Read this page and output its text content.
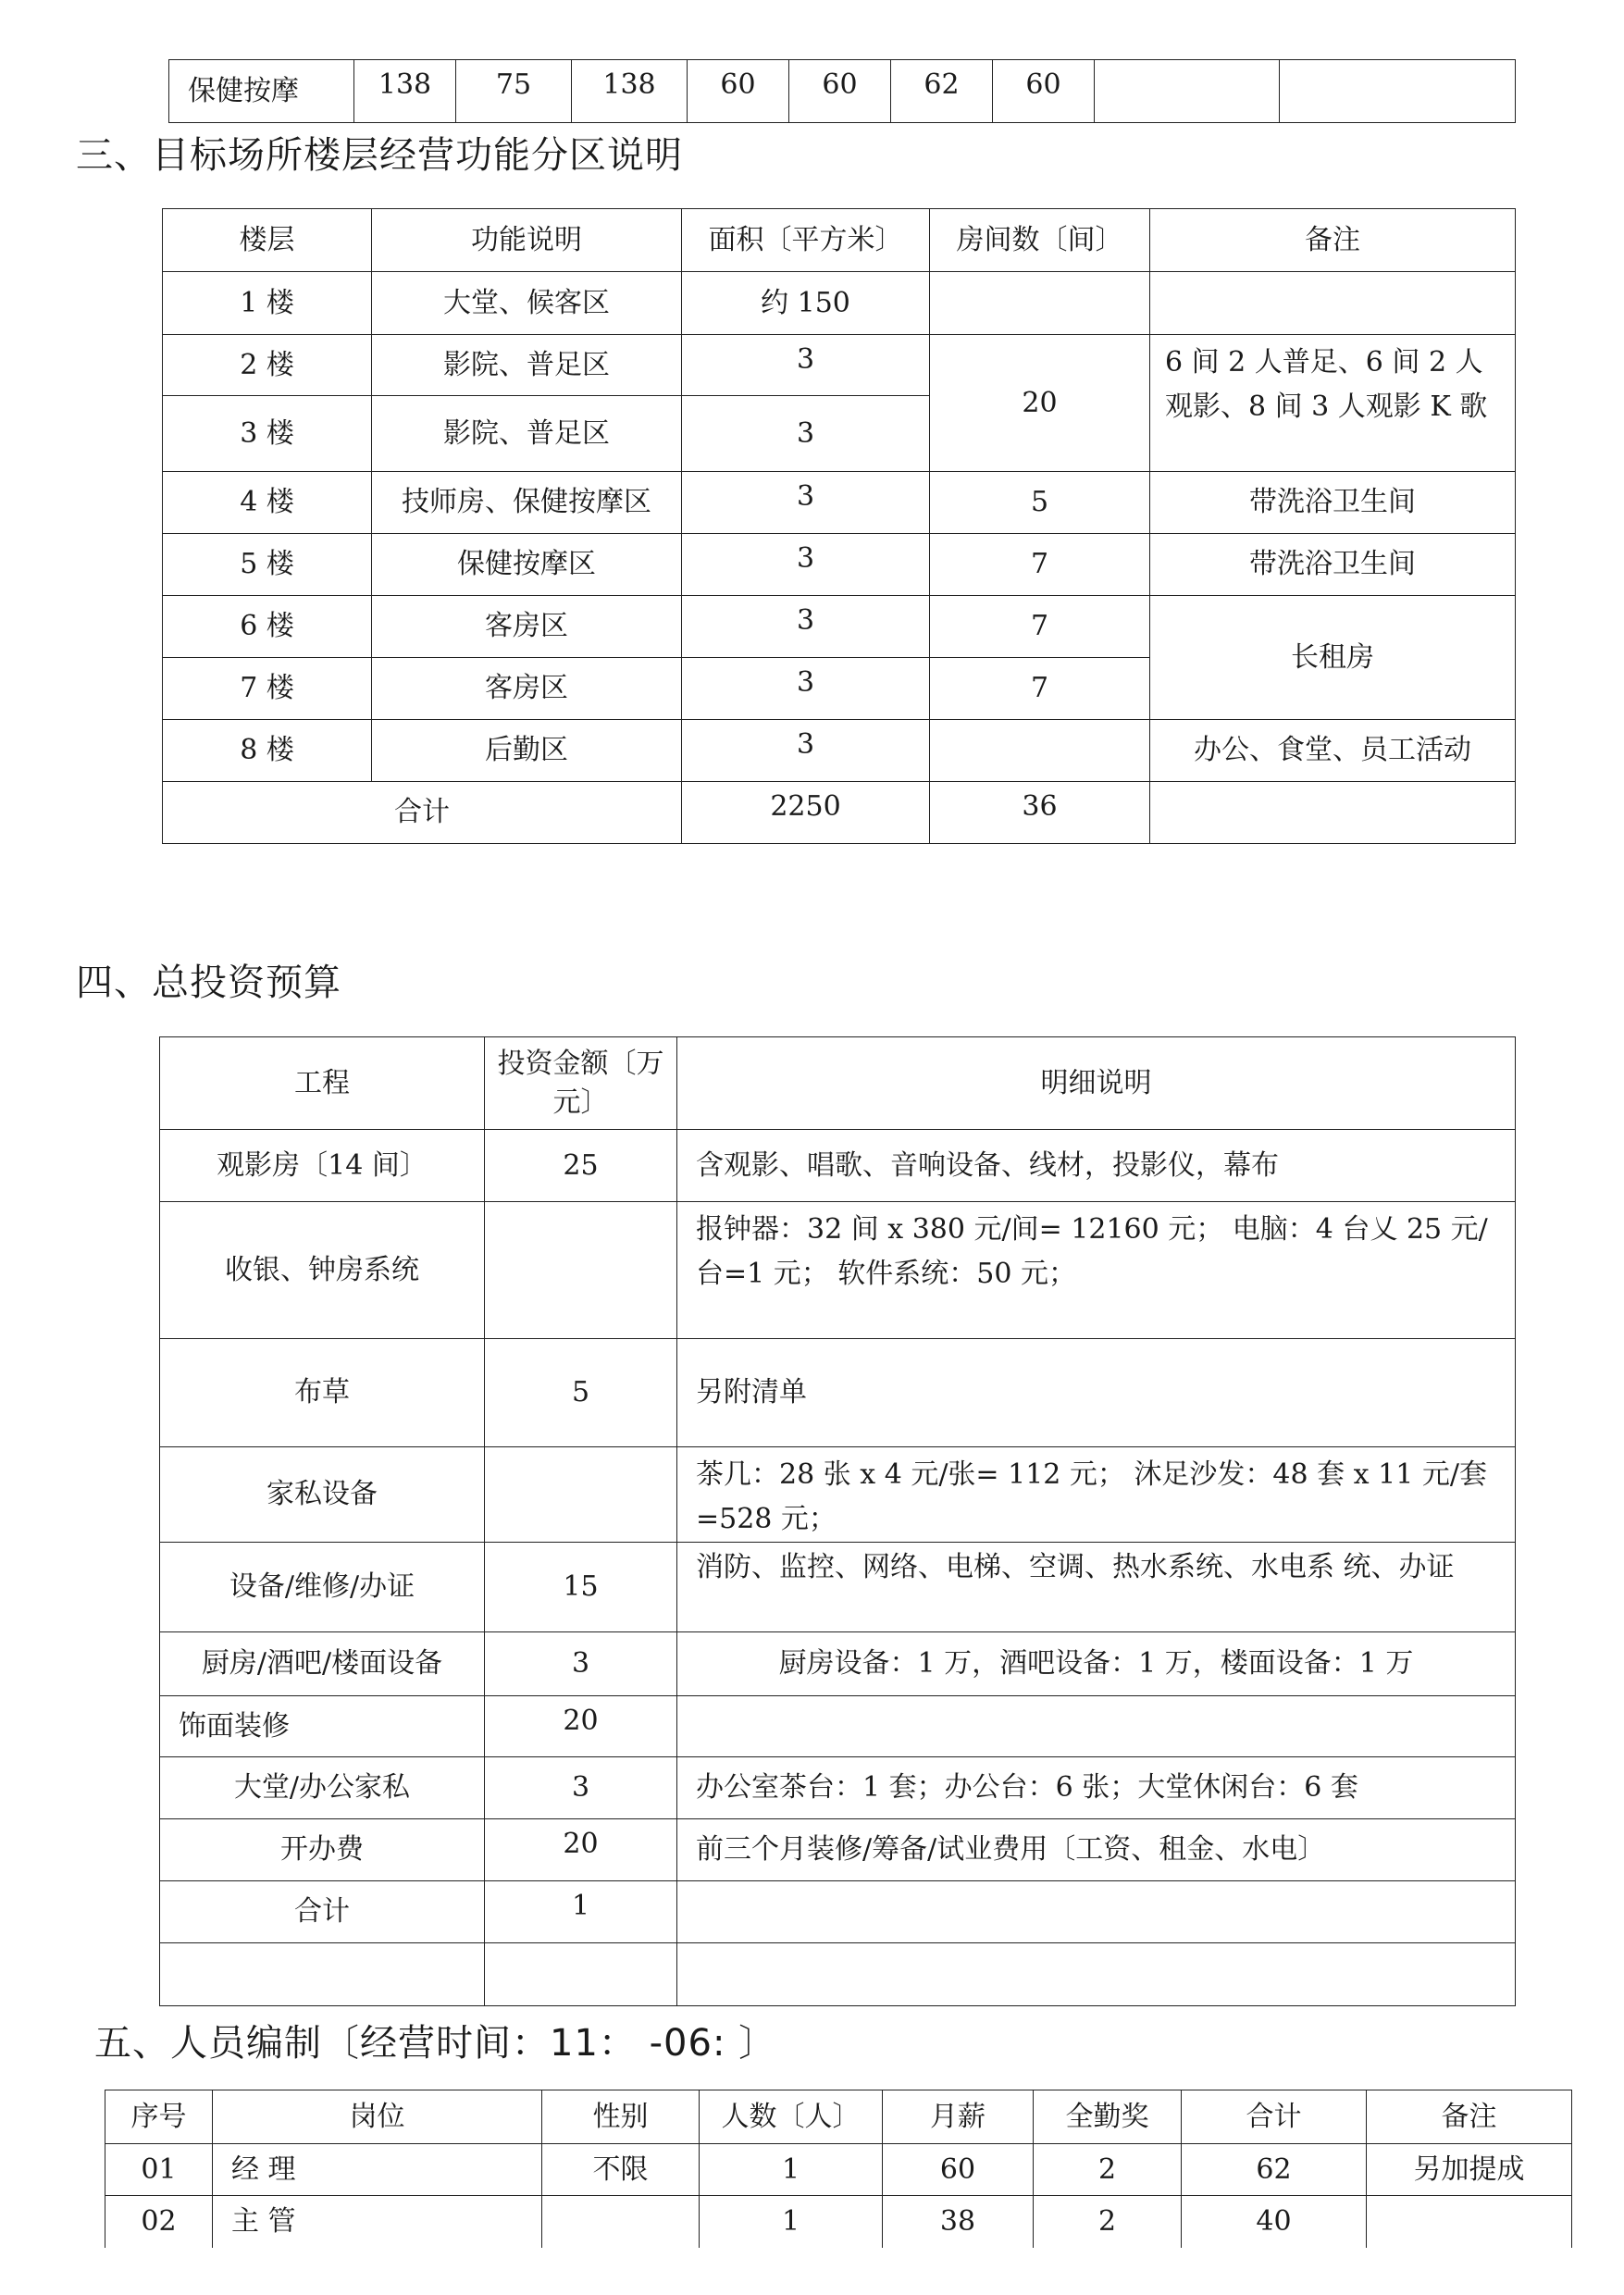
保健按摩	138	75	138	60	60	62	60		
三、目标场所楼层经营功能分区说明
楼层	功能说明	面积〔平方米〕	房间数〔间〕	备注
1 楼	大堂、候客区	约 150		
2 楼	影院、普足区	3	20	6 间 2 人普足、6 间 2 人观影、8 间 3 人观影 K 歌
3 楼	影院、普足区	3		
4 楼	技师房、保健按摩区	3	5	带洗浴卫生间
5 楼	保健按摩区	3	7	带洗浴卫生间
6 楼	客房区	3	7	长租房
7 楼	客房区	3	7	
8 楼	后勤区	3		办公、食堂、员工活动
合计		2250	36	
四、总投资预算
工程	投资金额〔万元〕	明细说明
观影房〔14 间〕	25	含观影、唱歌、音响设备、线材，投影仪，幕布
收银、钟房系统		报钟器：32 间 x 380 元/间= 12160 元； 电脑：4 台乂 25 元/台=1 元； 软件系统：50 元；
布草	5	另附清单
家私设备		茶几：28 张 x 4 元/张= 112 元； 沐足沙发：48 套 x 11 元/套=528 元；
设备/维修/办证	15	消防、监控、网络、电梯、空调、热水系统、水电系 统、办证
厨房/酒吧/楼面设备	3	厨房设备：1 万，酒吧设备：1 万，楼面设备：1 万
饰面装修	20	
大堂/办公家私	3	办公室茶台：1 套；办公台：6 张；大堂休闲台：6 套
开办费	20	前三个月装修/筹备/试业费用〔工资、租金、水电〕
合计	1	

五、人员编制〔经营时间：11： -06: 〕
序号	岗位	性别	人数〔人〕	月薪	全勤奖	合计	备注
01	经 理	不限	1	60	2	62	另加提成
02	主 管		1	38	2	40	
